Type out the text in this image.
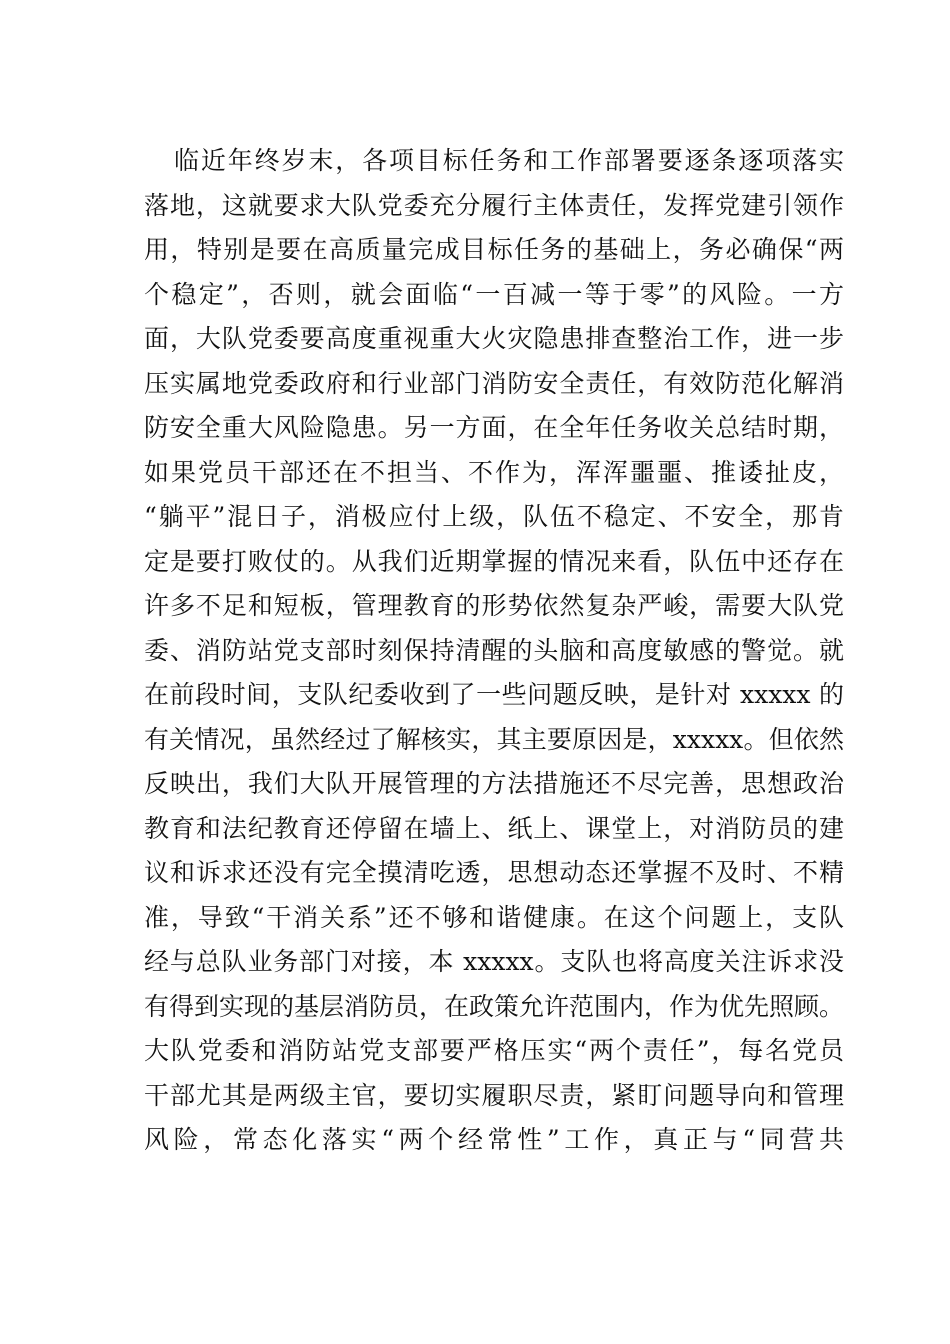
临近年终岁末，各项目标任务和工作部署要逐条逐项落实
落地，这就要求大队党委充分履行主体责任，发挥党建引领作
用，特别是要在高质量完成目标任务的基础上，务必确保“两
个稳定”，否则，就会面临“一百减一等于零”的风险。一方
面，大队党委要高度重视重大火灾隐患排查整治工作，进一步
压实属地党委政府和行业部门消防安全责任，有效防范化解消
防安全重大风险隐患。另一方面，在全年任务收关总结时期，
如果党员干部还在不担当、不作为，浑浑噩噩、推诿扯皮，
“躺平”混日子，消极应付上级，队伍不稳定、不安全，那肯
定是要打败仗的。从我们近期掌握的情况来看，队伍中还存在
许多不足和短板，管理教育的形势依然复杂严峻，需要大队党
委、消防站党支部时刻保持清醒的头脑和高度敏感的警觉。就
在前段时间，支队纪委收到了一些问题反映，是针对 xxxxx 的
有关情况，虽然经过了解核实，其主要原因是，xxxxx。但依然
反映出，我们大队开展管理的方法措施还不尽完善，思想政治
教育和法纪教育还停留在墙上、纸上、课堂上，对消防员的建
议和诉求还没有完全摸清吃透，思想动态还掌握不及时、不精
准，导致“干消关系”还不够和谐健康。在这个问题上，支队
经与总队业务部门对接，本 xxxxx。支队也将高度关注诉求没
有得到实现的基层消防员，在政策允许范围内，作为优先照顾。
大队党委和消防站党支部要严格压实“两个责任”，每名党员
干部尤其是两级主官，要切实履职尽责，紧盯问题导向和管理
风险，常态化落实“两个经常性”工作，真正与“同营共
